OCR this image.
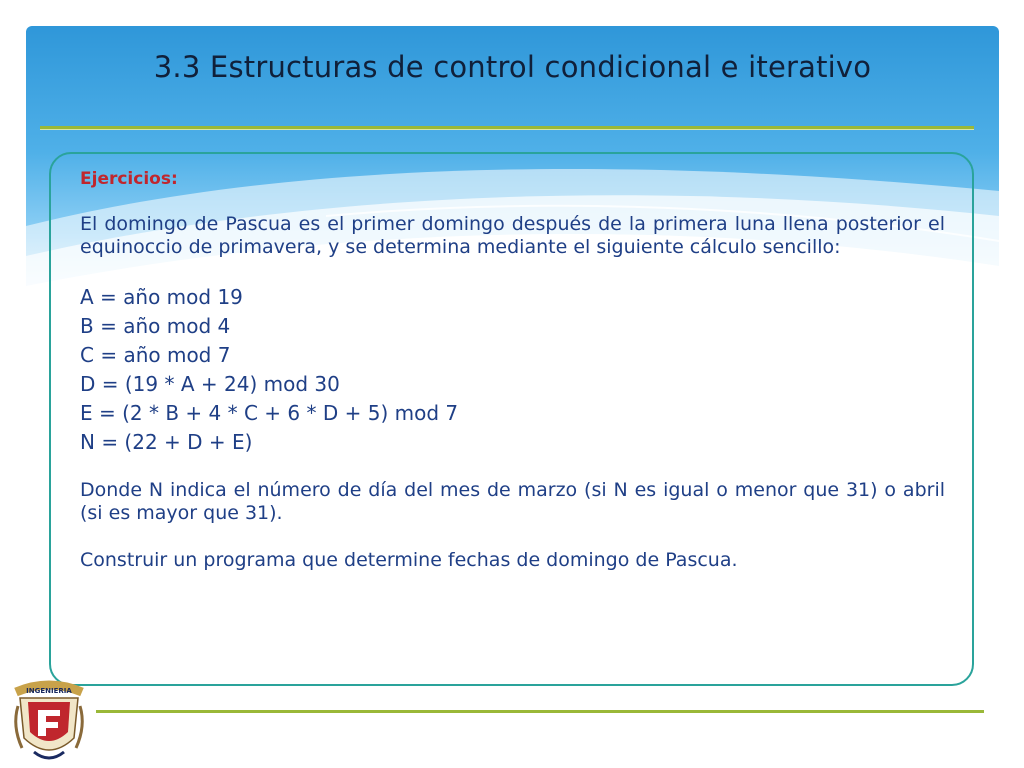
3.3 Estructuras de control condicional e iterativo
Ejercicios:

El domingo de Pascua es el primer domingo después de la primera luna llena posterior el equinoccio de primavera, y se determina mediante el siguiente cálculo sencillo:

A = año mod 19
B = año mod 4
C = año mod 7
D = (19 * A + 24) mod 30
E = (2 * B + 4 * C + 6 * D + 5) mod 7
N = (22 + D + E)

Donde N indica el número de día del mes de marzo (si N es igual o menor que 31) o abril (si es mayor que 31).

Construir un programa que determine fechas de domingo de Pascua.

INGENIERIA
